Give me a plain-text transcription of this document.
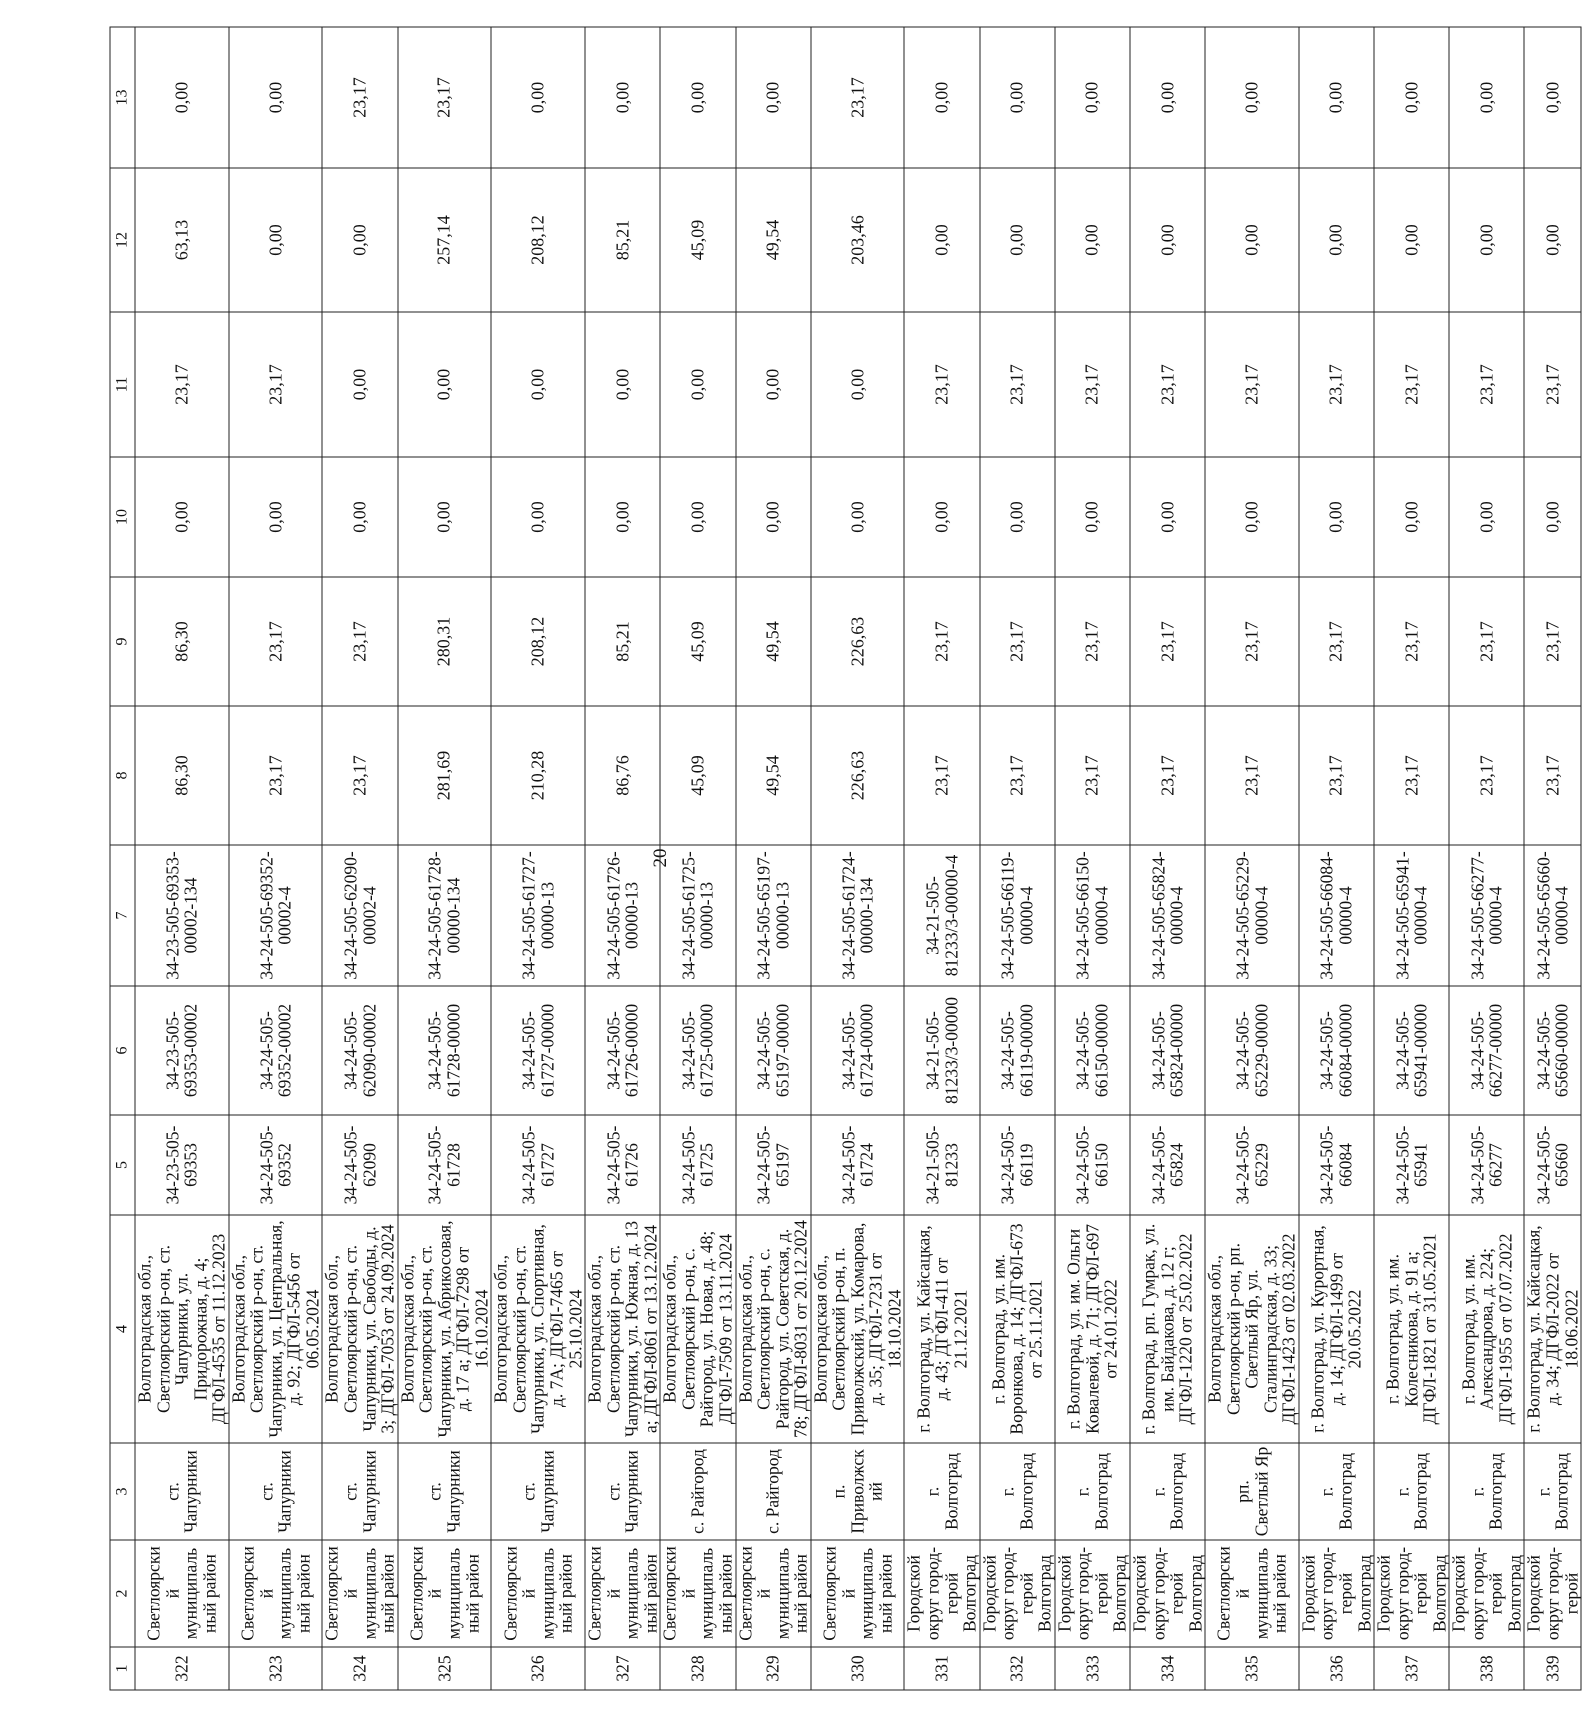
20
1	2	3	4	5	6	7	8	9	10	11	12	13
322	Светлоярский муниципальный район	ст. Чапурники	Волгоградская обл., Светлоярский р-он, ст. Чапурники, ул. Придорожная, д. 4; ДГФЛ-4535 от 11.12.2023	34-23-505-69353	34-23-505-69353-00002	34-23-505-69353-00002-134	86,30	86,30	0,00	23,17	63,13	0,00
323	Светлоярский муниципальный район	ст. Чапурники	Волгоградская обл., Светлоярский р-он, ст. Чапурники, ул. Центральная, д. 92; ДГФЛ-5456 от 06.05.2024	34-24-505-69352	34-24-505-69352-00002	34-24-505-69352-00002-4	23,17	23,17	0,00	23,17	0,00	0,00
324	Светлоярский муниципальный район	ст. Чапурники	Волгоградская обл., Светлоярский р-он, ст. Чапурники, ул. Свободы, д. 3; ДГФЛ-7053 от 24.09.2024	34-24-505-62090	34-24-505-62090-00002	34-24-505-62090-00002-4	23,17	23,17	0,00	0,00	0,00	23,17
325	Светлоярский муниципальный район	ст. Чапурники	Волгоградская обл., Светлоярский р-он, ст. Чапурники, ул. Абрикосовая, д. 17 а; ДГФЛ-7298 от 16.10.2024	34-24-505-61728	34-24-505-61728-00000	34-24-505-61728-00000-134	281,69	280,31	0,00	0,00	257,14	23,17
326	Светлоярский муниципальный район	ст. Чапурники	Волгоградская обл., Светлоярский р-он, ст. Чапурники, ул. Спортивная, д. 7А; ДГФЛ-7465 от 25.10.2024	34-24-505-61727	34-24-505-61727-00000	34-24-505-61727-00000-13	210,28	208,12	0,00	0,00	208,12	0,00
327	Светлоярский муниципальный район	ст. Чапурники	Волгоградская обл., Светлоярский р-он, ст. Чапурники, ул. Южная, д. 13 а; ДГФЛ-8061 от 13.12.2024	34-24-505-61726	34-24-505-61726-00000	34-24-505-61726-00000-13	86,76	85,21	0,00	0,00	85,21	0,00
328	Светлоярский муниципальный район	с. Райгород	Волгоградская обл., Светлоярский р-он, с. Райгород, ул. Новая, д. 48; ДГФЛ-7509 от 13.11.2024	34-24-505-61725	34-24-505-61725-00000	34-24-505-61725-00000-13	45,09	45,09	0,00	0,00	45,09	0,00
329	Светлоярский муниципальный район	с. Райгород	Волгоградская обл., Светлоярский р-он, с. Райгород, ул. Советская, д. 78; ДГФЛ-8031 от 20.12.2024	34-24-505-65197	34-24-505-65197-00000	34-24-505-65197-00000-13	49,54	49,54	0,00	0,00	49,54	0,00
330	Светлоярский муниципальный район	п. Приволжский	Волгоградская обл., Светлоярский р-он, п. Приволжский, ул. Комарова, д. 35; ДГФЛ-7231 от 18.10.2024	34-24-505-61724	34-24-505-61724-00000	34-24-505-61724-00000-134	226,63	226,63	0,00	0,00	203,46	23,17
331	Городской округ город-герой Волгоград	г. Волгоград	г. Волгоград, ул. Кайсацкая, д. 43; ДГФЛ-411 от 21.12.2021	34-21-505-81233	34-21-505-81233/3-00000	34-21-505-81233/3-00000-4	23,17	23,17	0,00	23,17	0,00	0,00
332	Городской округ город-герой Волгоград	г. Волгоград	г. Волгоград, ул. им. Воронкова, д. 14; ДГФЛ-673 от 25.11.2021	34-24-505-66119	34-24-505-66119-00000	34-24-505-66119-00000-4	23,17	23,17	0,00	23,17	0,00	0,00
333	Городской округ город-герой Волгоград	г. Волгоград	г. Волгоград, ул. им. Ольги Ковалевой, д. 71; ДГФЛ-697 от 24.01.2022	34-24-505-66150	34-24-505-66150-00000	34-24-505-66150-00000-4	23,17	23,17	0,00	23,17	0,00	0,00
334	Городской округ город-герой Волгоград	г. Волгоград	г. Волгоград, рп. Гумрак, ул. им. Байдакова, д. 12 г; ДГФЛ-1220 от 25.02.2022	34-24-505-65824	34-24-505-65824-00000	34-24-505-65824-00000-4	23,17	23,17	0,00	23,17	0,00	0,00
335	Светлоярский муниципальный район	рп. Светлый Яр	Волгоградская обл., Светлоярский р-он, рп. Светлый Яр, ул. Сталинградская, д. 33; ДГФЛ-1423 от 02.03.2022	34-24-505-65229	34-24-505-65229-00000	34-24-505-65229-00000-4	23,17	23,17	0,00	23,17	0,00	0,00
336	Городской округ город-герой Волгоград	г. Волгоград	г. Волгоград, ул. Курортная, д. 14; ДГФЛ-1499 от 20.05.2022	34-24-505-66084	34-24-505-66084-00000	34-24-505-66084-00000-4	23,17	23,17	0,00	23,17	0,00	0,00
337	Городской округ город-герой Волгоград	г. Волгоград	г. Волгоград, ул. им. Колесникова, д. 91 а; ДГФЛ-1821 от 31.05.2021	34-24-505-65941	34-24-505-65941-00000	34-24-505-65941-00000-4	23,17	23,17	0,00	23,17	0,00	0,00
338	Городской округ город-герой Волгоград	г. Волгоград	г. Волгоград, ул. им. Александрова, д. 224; ДГФЛ-1955 от 07.07.2022	34-24-505-66277	34-24-505-66277-00000	34-24-505-66277-00000-4	23,17	23,17	0,00	23,17	0,00	0,00
339	Городской округ город-герой	г. Волгоград	г. Волгоград, ул. Кайсацкая, д. 34; ДГФЛ-2022 от 18.06.2022	34-24-505-65660	34-24-505-65660-00000	34-24-505-65660-00000-4	23,17	23,17	0,00	23,17	0,00	0,00
